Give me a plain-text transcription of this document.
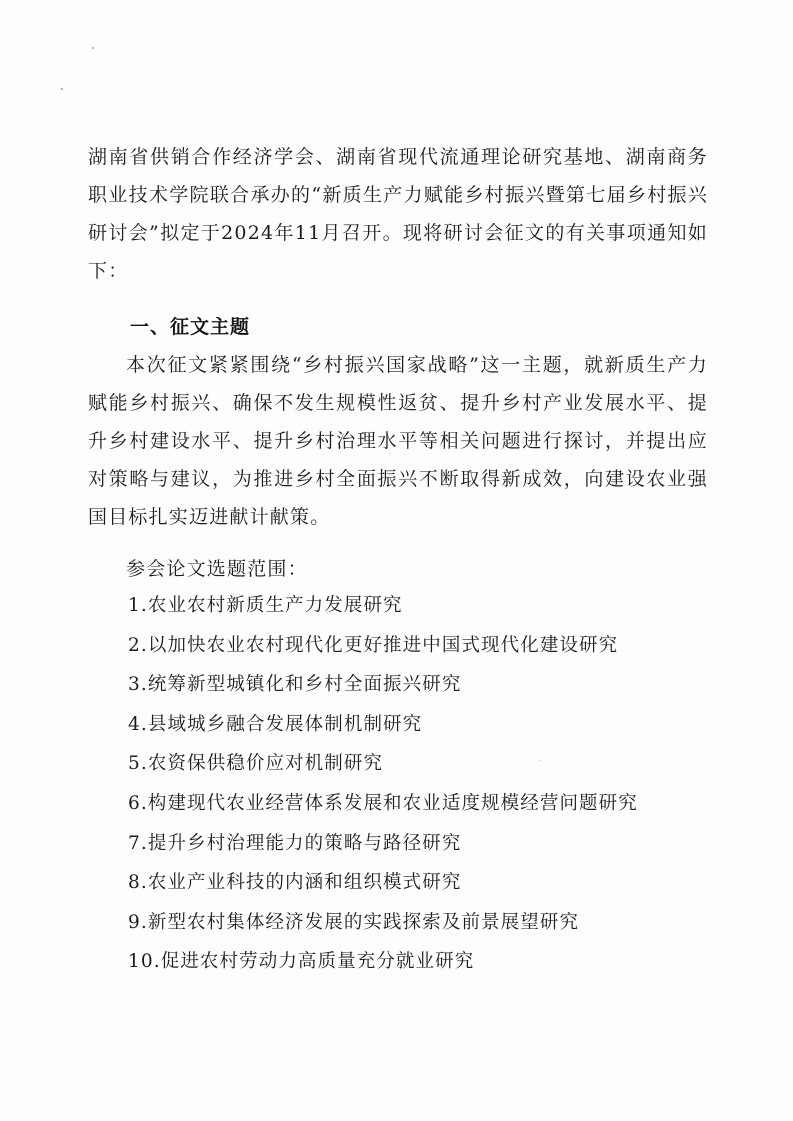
湖南省供销合作经济学会、湖南省现代流通理论研究基地、湖南商务职业技术学院联合承办的“新质生产力赋能乡村振兴暨第七届乡村振兴研讨会”拟定于2024年11月召开。现将研讨会征文的有关事项通知如下：

一、征文主题

本次征文紧紧围绕“乡村振兴国家战略”这一主题，就新质生产力赋能乡村振兴、确保不发生规模性返贫、提升乡村产业发展水平、提升乡村建设水平、提升乡村治理水平等相关问题进行探讨，并提出应对策略与建议，为推进乡村全面振兴不断取得新成效，向建设农业强国目标扎实迈进献计献策。

参会论文选题范围：

1.农业农村新质生产力发展研究
2.以加快农业农村现代化更好推进中国式现代化建设研究
3.统筹新型城镇化和乡村全面振兴研究
4.县域城乡融合发展体制机制研究
5.农资保供稳价应对机制研究
6.构建现代农业经营体系发展和农业适度规模经营问题研究
7.提升乡村治理能力的策略与路径研究
8.农业产业科技的内涵和组织模式研究
9.新型农村集体经济发展的实践探索及前景展望研究
10.促进农村劳动力高质量充分就业研究
